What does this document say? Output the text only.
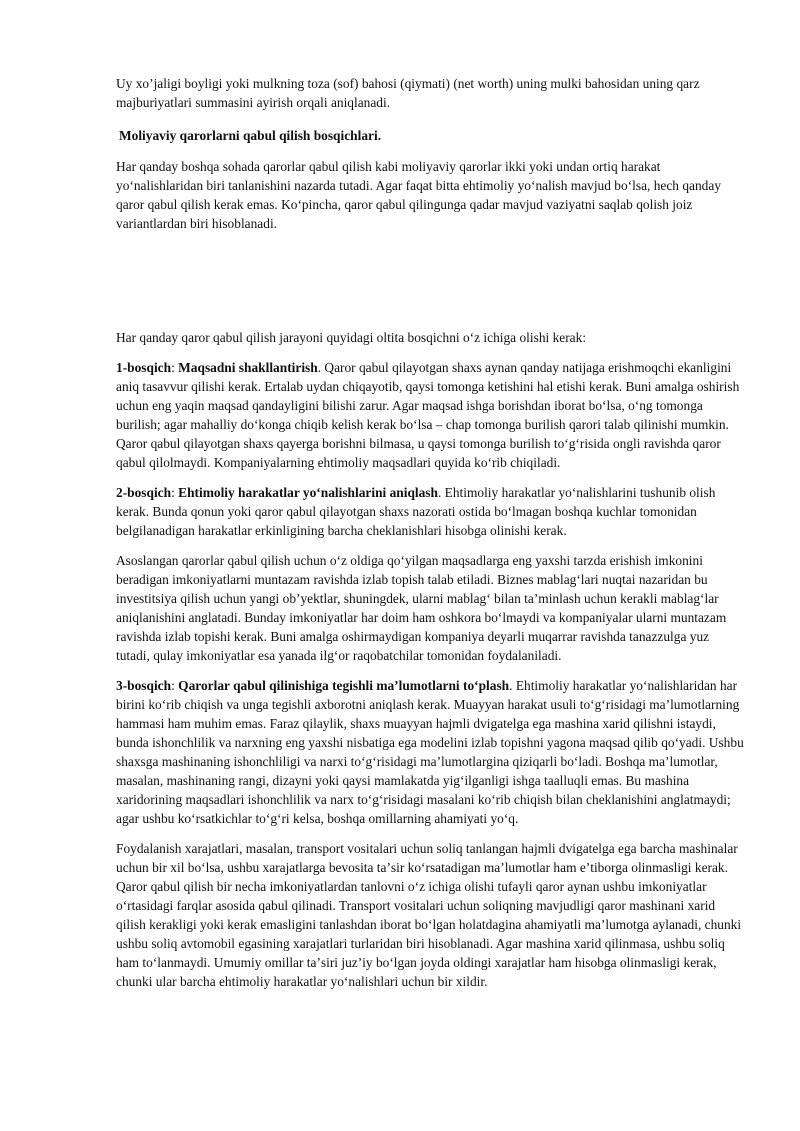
Uy xo’jaligi boyligi yoki mulkning toza (sof) bahosi (qiymati) (net worth) uning mulki bahosidan uning qarz majburiyatlari summasini ayirish orqali aniqlanadi.

Moliyaviy qarorlarni qabul qilish bosqichlari.

Har qanday boshqa sohada qarorlar qabul qilish kabi moliyaviy qarorlar ikki yoki undan ortiq harakat yoʻnalishlaridan biri tanlanishini nazarda tutadi. Agar faqat bitta ehtimoliy yoʻnalish mavjud boʻlsa, hech qanday qaror qabul qilish kerak emas. Koʻpincha, qaror qabul qilingunga qadar mavjud vaziyatni saqlab qolish joiz variantlardan biri hisoblanadi.

Har qanday qaror qabul qilish jarayoni quyidagi oltita bosqichni oʻz ichiga olishi kerak:

1-bosqich: Maqsadni shakllantirish. Qaror qabul qilayotgan shaxs aynan qanday natijaga erishmoqchi ekanligini aniq tasavvur qilishi kerak. Ertalab uydan chiqayotib, qaysi tomonga ketishini hal etishi kerak. Buni amalga oshirish uchun eng yaqin maqsad qandayligini bilishi zarur. Agar maqsad ishga borishdan iborat boʻlsa, oʻng tomonga burilish; agar mahalliy doʻkonga chiqib kelish kerak boʻlsa – chap tomonga burilish qarori talab qilinishi mumkin. Qaror qabul qilayotgan shaxs qayerga borishni bilmasa, u qaysi tomonga burilish toʻgʻrisida ongli ravishda qaror qabul qilolmaydi. Kompaniyalarning ehtimoliy maqsadlari quyida koʻrib chiqiladi.

2-bosqich: Ehtimoliy harakatlar yoʻnalishlarini aniqlash. Ehtimoliy harakatlar yoʻnalishlarini tushunib olish kerak. Bunda qonun yoki qaror qabul qilayotgan shaxs nazorati ostida boʻlmagan boshqa kuchlar tomonidan belgilanadigan harakatlar erkinligining barcha cheklanishlari hisobga olinishi kerak.

Asoslangan qarorlar qabul qilish uchun oʻz oldiga qoʻyilgan maqsadlarga eng yaxshi tarzda erishish imkonini beradigan imkoniyatlarni muntazam ravishda izlab topish talab etiladi. Biznes mablagʻlari nuqtai nazaridan bu investitsiya qilish uchun yangi obʼyektlar, shuningdek, ularni mablagʻ bilan taʼminlash uchun kerakli mablagʻlar aniqlanishini anglatadi. Bunday imkoniyatlar har doim ham oshkora boʻlmaydi va kompaniyalar ularni muntazam ravishda izlab topishi kerak. Buni amalga oshirmaydigan kompaniya deyarli muqarrar ravishda tanazzulga yuz tutadi, qulay imkoniyatlar esa yanada ilgʻor raqobatchilar tomonidan foydalaniladi.

3-bosqich: Qarorlar qabul qilinishiga tegishli maʼlumotlarni toʻplash. Ehtimoliy harakatlar yoʻnalishlaridan har birini koʻrib chiqish va unga tegishli axborotni aniqlash kerak. Muayyan harakat usuli toʻgʻrisidagi maʼlumotlarning hammasi ham muhim emas. Faraz qilaylik, shaxs muayyan hajmli dvigatelga ega mashina xarid qilishni istaydi, bunda ishonchlilik va narxning eng yaxshi nisbatiga ega modelini izlab topishni yagona maqsad qilib qoʻyadi. Ushbu shaxsga mashinaning ishonchliligi va narxi toʻgʻrisidagi maʼlumotlargina qiziqarli boʻladi. Boshqa maʼlumotlar, masalan, mashinaning rangi, dizayni yoki qaysi mamlakatda yigʻilganligi ishga taalluqli emas. Bu mashina xaridorining maqsadlari ishonchlilik va narx toʻgʻrisidagi masalani koʻrib chiqish bilan cheklanishini anglatmaydi; agar ushbu koʻrsatkichlar toʻgʻri kelsa, boshqa omillarning ahamiyati yoʻq.

Foydalanish xarajatlari, masalan, transport vositalari uchun soliq tanlangan hajmli dvigatelga ega barcha mashinalar uchun bir xil boʻlsa, ushbu xarajatlarga bevosita taʼsir koʻrsatadigan maʼlumotlar ham eʼtiborga olinmasligi kerak. Qaror qabul qilish bir necha imkoniyatlardan tanlovni oʻz ichiga olishi tufayli qaror aynan ushbu imkoniyatlar oʻrtasidagi farqlar asosida qabul qilinadi. Transport vositalari uchun soliqning mavjudligi qaror mashinani xarid qilish kerakligi yoki kerak emasligini tanlashdan iborat boʻlgan holatdagina ahamiyatli maʼlumotga aylanadi, chunki ushbu soliq avtomobil egasining xarajatlari turlaridan biri hisoblanadi. Agar mashina xarid qilinmasa, ushbu soliq ham toʻlanmaydi. Umumiy omillar taʼsiri juzʼiy boʻlgan joyda oldingi xarajatlar ham hisobga olinmasligi kerak, chunki ular barcha ehtimoliy harakatlar yoʻnalishlari uchun bir xildir.
